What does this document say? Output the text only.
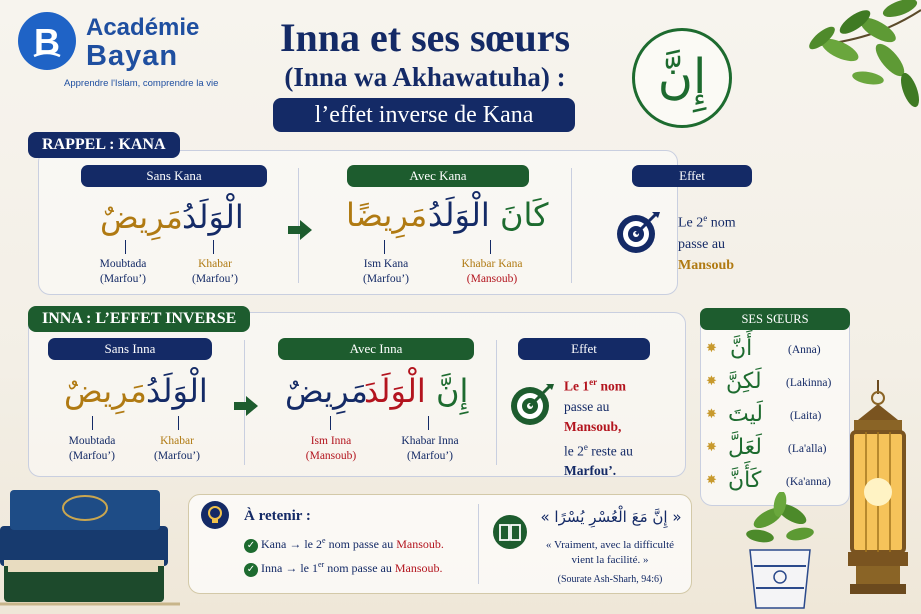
B Académie
Bayan
Apprendre l'Islam, comprendre la vie
Inna et ses sœurs
(Inna wa Akhawatuha) :
l’effet inverse de Kana
إِنَّ
RAPPEL : KANA
Sans Kana
مَرِيضٌ الْوَلَدُ
Moubtada
(Marfou’)
Khabar
(Marfou’)
Avec Kana
مَرِيضًا الْوَلَدُ كَانَ
Ism Kana
(Marfou’)
Khabar Kana
(Mansoub)
Effet
Le 2e nom
passe au
Mansoub
INNA : L’EFFET INVERSE
Sans Inna
مَرِيضٌ الْوَلَدُ
Moubtada
(Marfou’)
Khabar
(Marfou’)
Avec Inna
مَرِيضٌ
الْوَلَدَ إِنَّ
Ism Inna
(Mansoub)
Khabar Inna
(Marfou’)
Effet
Le 1er nom
passe au
Mansoub,
le 2e reste au
Marfou’.
SES SŒURS
✸ أَنَّ	(Anna)
✸ لَكِنَّ (Lakinna)
✸ لَيتَ (Laita)
✸ لَعَلَّ (La'alla)
✸ كَأَنَّ (Ka'anna)
À retenir :
✓ Kana → le 2e nom passe au Mansoub.
✓ Inna → le 1er nom passe au Mansoub.
« إِنَّ مَعَ الْعُسْرِ يُسْرًا »
« Vraiment, avec la difficulté
vient la facilité. »
(Sourate Ash-Sharh, 94:6)
